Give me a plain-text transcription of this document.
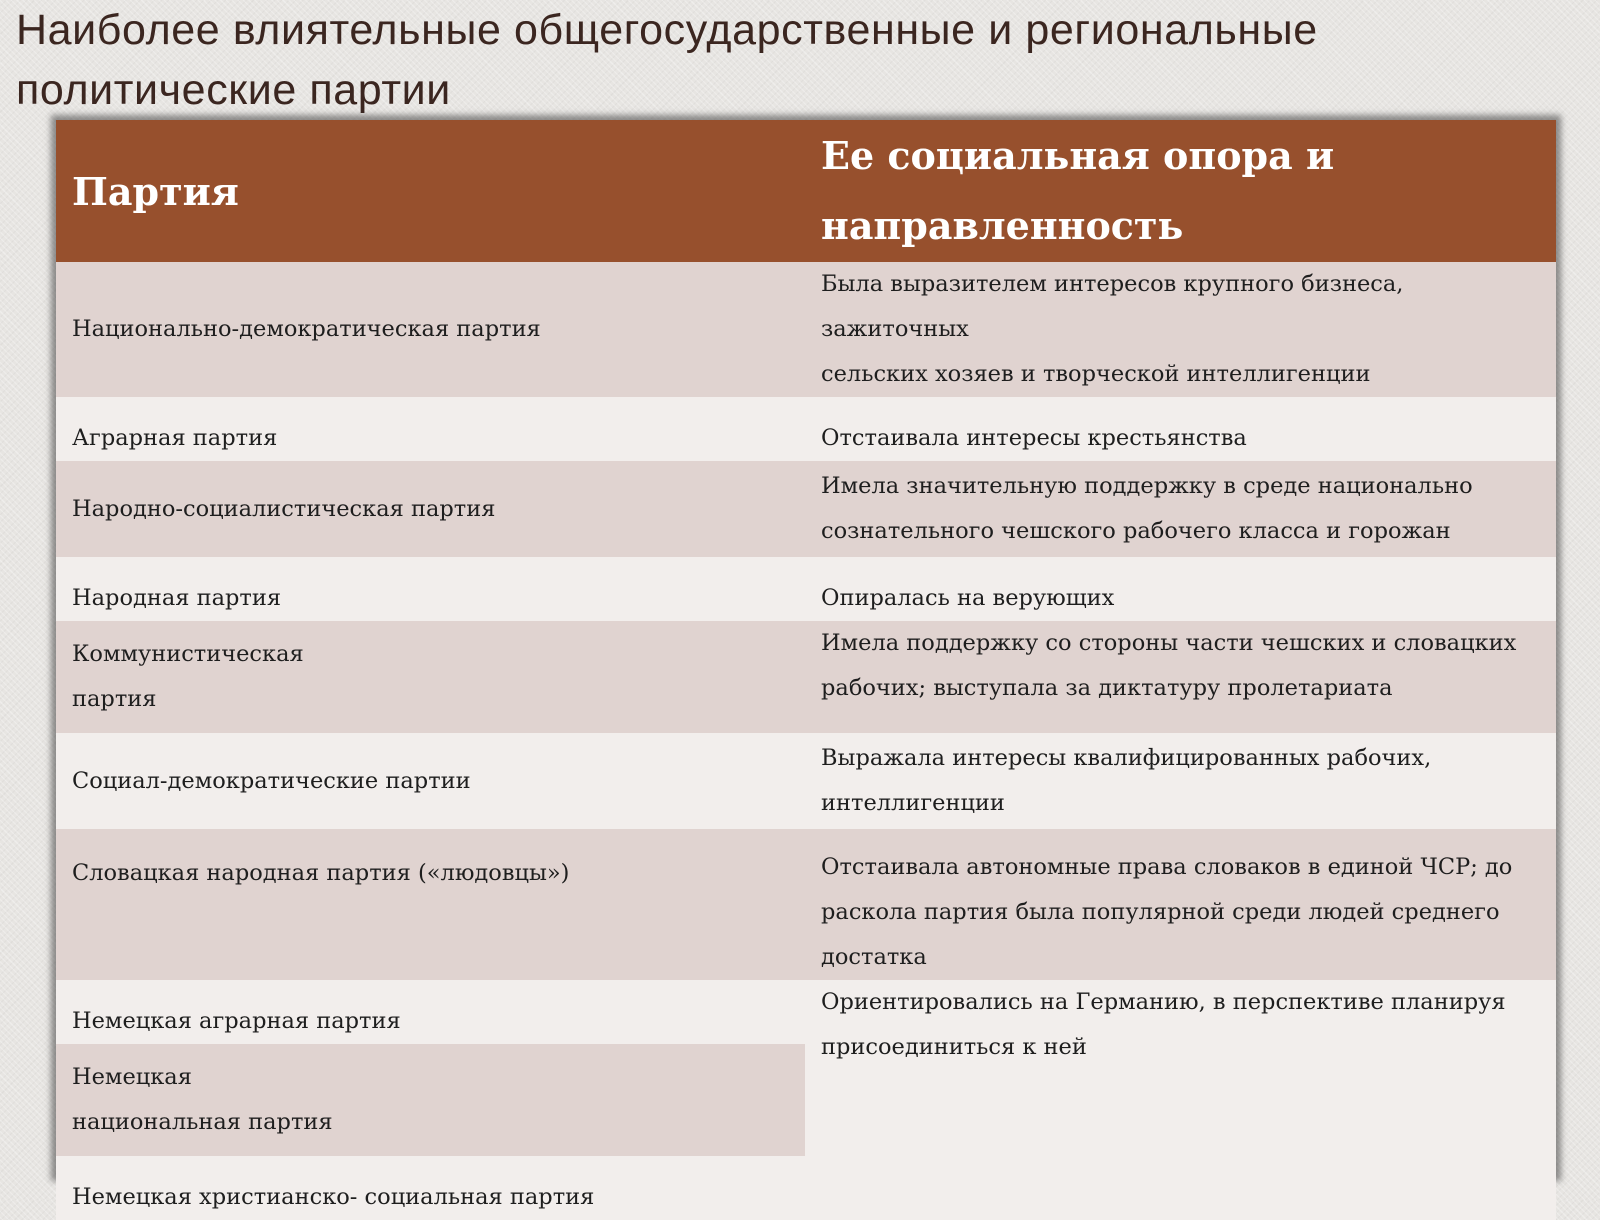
Наиболее влиятельные общегосударственные и региональные
политические партии
Партия	Ее социальная опора и
направленность
Национально-демократическая партия	Была выразителем интересов крупного бизнеса, зажиточных
сельских хозяев и творческой интеллигенции
Аграрная партия	Отстаивала интересы крестьянства
Народно-социалистическая партия	Имела значительную поддержку в среде национально
сознательного чешского рабочего класса и горожан
Народная партия	Опиралась на верующих
Коммунистическая
партия	Имела поддержку со стороны части чешских и словацких
рабочих; выступала за диктатуру пролетариата
Социал-демократические партии	Выражала интересы квалифицированных рабочих,
интеллигенции
Словацкая народная партия («людовцы»)	Отстаивала автономные права словаков в единой ЧСР; до
раскола партия была популярной среди людей среднего
достатка
Немецкая аграрная партия	Ориентировались на Германию, в перспективе планируя
присоединиться к ней
Немецкая
национальная партия	
Немецкая христианско- социальная партия	
